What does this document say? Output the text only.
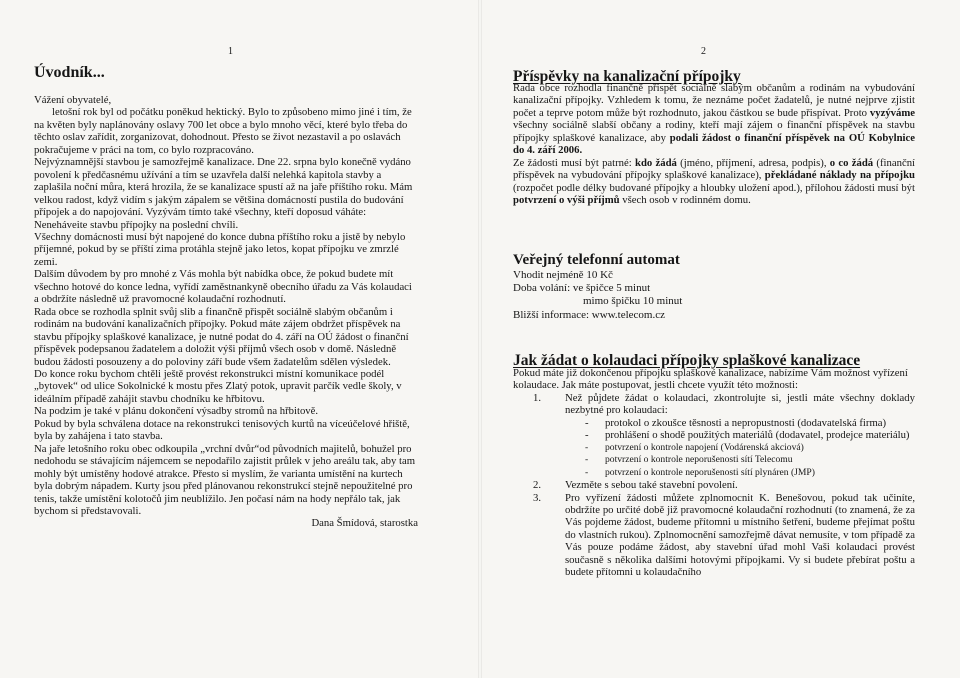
1
Úvodník...

Vážení obyvatelé,

letošní rok byl od počátku poněkud hektický. Bylo to způsobeno mimo jiné i tím, že na květen byly naplánovány oslavy 700 let obce a bylo mnoho věcí, které bylo třeba do těchto oslav zařídit, zorganizovat, dohodnout. Přesto se život nezastavil a po oslavách pokračujeme v práci na tom, co bylo rozpracováno.

Nejvýznamnější stavbou je samozřejmě kanalizace. Dne 22. srpna bylo konečně vydáno povolení k předčasnému užívání a tím se uzavřela další nelehká kapitola stavby a zaplašila noční můra, která hrozila, že se kanalizace spustí až na jaře příštího roku. Mám velkou radost, když vidím s jakým zápalem se většina domácností pustila do budování přípojek a do napojování. Vyzývám tímto také všechny, kteří doposud váháte: Neneháveite stavbu přípojky na poslední chvíli.

Všechny domácnosti musí být napojené do konce dubna příštího roku a jistě by nebylo příjemné, pokud by se příští zima protáhla stejně jako letos, kopat přípojku ve zmrzlé zemi.

Dalším důvodem by pro mnohé z Vás mohla být nabídka obce, že pokud budete mít všechno hotové do konce ledna, vyřídí zaměstnankyně obecního úřadu za Vás kolaudaci a obdržíte následně už pravomocné kolaudační rozhodnutí.

Rada obce se rozhodla splnit svůj slib a finančně přispět sociálně slabým občanům i rodinám na budování kanalizačních přípojky. Pokud máte zájem obdržet příspěvek na stavbu přípojky splaškové kanalizace, je nutné podat do 4. září na OÚ žádost o finanční příspěvek podepsanou žadatelem a doložit výši příjmů všech osob v domě. Následně budou žádosti posouzeny a do poloviny září bude všem žadatelům sdělen výsledek.

Do konce roku bychom chtěli ještě provést rekonstrukci místní komunikace podél „bytovek“ od ulice Sokolnické k mostu přes Zlatý potok, upravit parčík vedle školy, v ideálním případě zahájit stavbu chodníku ke hřbitovu.

Na podzim je také v plánu dokončení výsadby stromů na hřbitově.

Pokud by byla schválena dotace na rekonstrukci tenisových kurtů na víceúčelové hřiště, byla by zahájena i tato stavba.

Na jaře letošního roku obec odkoupila „vrchní dvůr“od původních majitelů, bohužel pro nedohodu se stávajícím nájemcem se nepodařilo zajistit průlek v jeho areálu tak, aby tam mohly být umístěny hodové atrakce. Přesto si myslím, že varianta umístění na kurtech byla dobrým nápadem. Kurty jsou před plánovanou rekonstrukcí stejně nepoužitelné pro tenis, takže umístění kolotočů jim neublížilo. Jen počasí nám na hody nepřálo tak, jak bychom si představovali.

Dana Šmídová, starostka

2
Příspěvky na kanalizační přípojky

Rada obce rozhodla finančně přispět sociálně slabým občanům a rodinám na vybudování kanalizační přípojky. Vzhledem k tomu, že neznáme počet žadatelů, je nutné nejprve zjistit počet a teprve potom může být rozhodnuto, jakou částkou se bude přispívat. Proto vyzýváme všechny sociálně slabší občany a rodiny, kteří mají zájem o finanční příspěvek na stavbu přípojky splaškové kanalizace, aby podali žádost o finanční příspěvek na OÚ Kobylnice do 4. září 2006.

Ze žádosti musí být patrné: kdo žádá (jméno, příjmení, adresa, podpis), o co žádá (finanční příspěvek na vybudování přípojky splaškové kanalizace), překládané náklady na přípojku (rozpočet podle délky budované přípojky a hloubky uložení apod.), přílohou žádosti musí být potvrzení o výši příjmů všech osob v rodinném domu.

Veřejný telefonní automat
Vhodit nejméně 10 Kč
Doba volání: ve špičce 5 minut
mimo špičku 10 minut
Bližší informace: www.telecom.cz
Jak žádat o kolaudaci přípojky splaškové kanalizace

Pokud máte již dokončenou přípojku splaškové kanalizace, nabízíme Vám možnost vyřízení kolaudace. Jak máte postupovat, jestli chcete využít této možnosti:

1. Než půjdete žádat o kolaudaci, zkontrolujte si, jestli máte všechny doklady nezbytné pro kolaudaci:
- protokol o zkoušce těsnosti a nepropustnosti (dodavatelská firma)
- prohlášení o shodě použitých materiálů (dodavatel, prodejce materiálu)
- potvrzení o kontrole napojení (Vodárenská akciová)
- potvrzení o kontrole neporušenosti sítí Telecomu
- potvrzení o kontrole neporušenosti sítí plynáren (JMP)
2. Vezměte s sebou také stavební povolení.
3. Pro vyřízení žádosti můžete zplnomocnit K. Benešovou, pokud tak učiníte, obdržíte po určité době již pravomocné kolaudační rozhodnutí (to znamená, že za Vás pojdeme žádost, budeme přítomni u místního šetření, budeme přejímat poštu do vlastních rukou). Zplnomocnění samozřejmě dávat nemusíte, v tom případě za Vás pouze podáme žádost, aby stavební úřad mohl Vaši kolaudaci provést současně s několika dalšími hotovými přípojkami. Vy si budete přebírat poštu a budete přítomni u kolaudačního
